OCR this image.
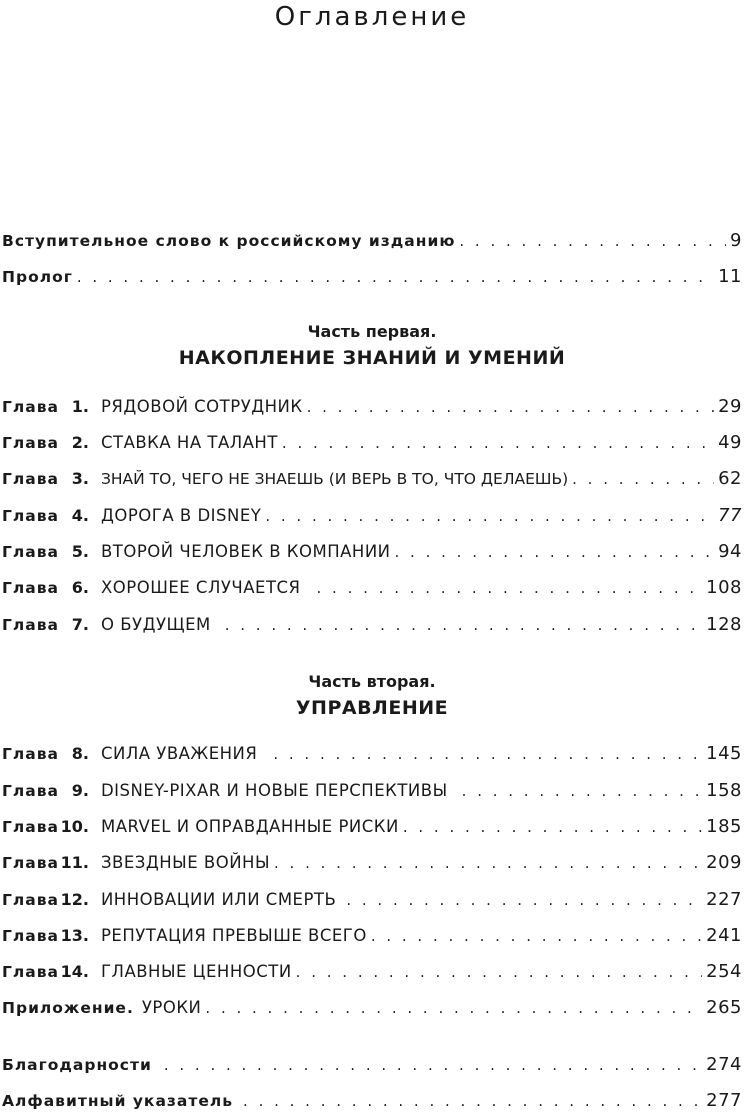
Оглавление
Вступительное слово к российскому изданию . . .	9
Пролог . . .	11
Часть первая.
НАКОПЛЕНИЕ ЗНАНИЙ И УМЕНИЙ
Глава 1. РЯДОВОЙ СОТРУДНИК . . .	29
Глава 2. СТАВКА НА ТАЛАНТ . . .	49
Глава 3. ЗНАЙ ТО, ЧЕГО НЕ ЗНАЕШЬ (И ВЕРЬ В ТО, ЧТО ДЕЛАЕШЬ) . . .	62
Глава 4. ДОРОГА В DISNEY . . .	77
Глава 5. ВТОРОЙ ЧЕЛОВЕК В КОМПАНИИ . . .	94
Глава 6. ХОРОШЕЕ СЛУЧАЕТСЯ . . .	108
Глава 7. О БУДУЩЕМ . . .	128
Часть вторая.
УПРАВЛЕНИЕ
Глава 8. СИЛА УВАЖЕНИЯ . . .	145
Глава 9. DISNEY-PIXAR И НОВЫЕ ПЕРСПЕКТИВЫ . . .	158
Глава 10. MARVEL И ОПРАВДАННЫЕ РИСКИ . . .	185
Глава 11. ЗВЕЗДНЫЕ ВОЙНЫ . . .	209
Глава 12. ИННОВАЦИИ ИЛИ СМЕРТЬ . . .	227
Глава 13. РЕПУТАЦИЯ ПРЕВЫШЕ ВСЕГО . . .	241
Глава 14. ГЛАВНЫЕ ЦЕННОСТИ . . .	254
Приложение. УРОКИ . . .	265
Благодарности . . .	274
Алфавитный указатель . . .	277
